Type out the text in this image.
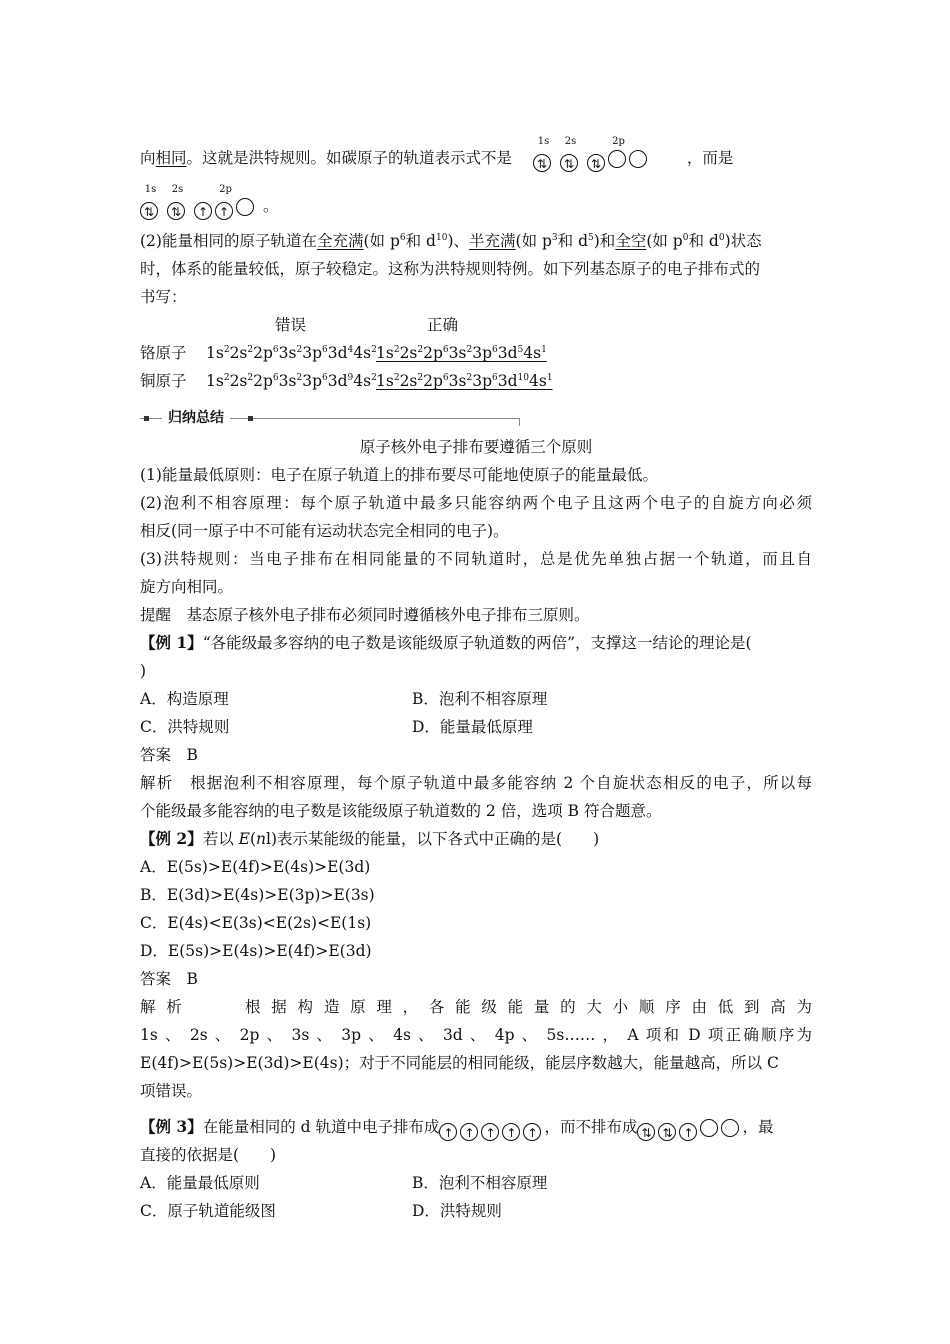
向相同。这就是洪特规则。如碳原子的轨道表示式不是
1s
⇅
2s
⇅
2p
⇅	，而是
1s
⇅
2s
⇅
2p
↑ ↑ 。
(2)能量相同的原子轨道在全充满(如 $p^6$和 $d^{10}$)、半充满(如 $p^3$和 $d^5$)和全空(如 $p^0$和 $d^0$)状态
时，体系的能量较低，原子较稳定。这称为洪特规则特例。如下列基态原子的电子排布式的
书写：
错误	正确
铬原子 $1s^22s^22p^63s^23p^63d^44s^2$ $1s^22s^22p^63s^23p^63d^54s^1$
铜原子 $1s^22s^22p^63s^23p^63d^94s^2$ $1s^22s^22p^63s^23p^63d^{10}4s^1$
归纳总结
原子核外电子排布要遵循三个原则
(1)能量最低原则：电子在原子轨道上的排布要尽可能地使原子的能量最低。
(2)泡利不相容原理：每个原子轨道中最多只能容纳两个电子且这两个电子的自旋方向必须
相反(同一原子中不可能有运动状态完全相同的电子)。
(3)洪特规则：当电子排布在相同能量的不同轨道时，总是优先单独占据一个轨道，而且自
旋方向相同。
提醒　基态原子核外电子排布必须同时遵循核外电子排布三原则。
【例 1】“各能级最多容纳的电子数是该能级原子轨道数的两倍”，支撑这一结论的理论是(
)
A．构造原理	B．泡利不相容原理
C．洪特规则	D．能量最低原理
答案　B
解析　根据泡利不相容原理，每个原子轨道中最多能容纳 2 个自旋状态相反的电子，所以每
个能级最多能容纳的电子数是该能级原子轨道数的 2 倍，选项 B 符合题意。
【例 2】若以 E(nl)表示某能级的能量，以下各式中正确的是(　　)
A．E(5s)>E(4f)>E(4s)>E(3d)
B．E(3d)>E(4s)>E(3p)>E(3s)
C．E(4s)<E(3s)<E(2s)<E(1s)
D．E(5s)>E(4s)>E(4f)>E(3d)
答案　B
解析　　根据构造原理，各能级能量的大小顺序由低到高为
1s 、 2s 、 2p 、 3s 、 3p 、 4s 、 3d 、 4p 、 5s…… ， A 项和 D 项正确顺序为
E(4f)>E(5s)>E(3d)>E(4s)；对于不同能层的相同能级，能层序数越大，能量越高，所以 C
项错误。
【例 3】在能量相同的 d 轨道中电子排布成 ↑ ↑ ↑ ↑ ↑ ，而不排布成 ⇅ ⇅ ↑	，最
直接的依据是(　　)
A．能量最低原则	B．泡利不相容原理
C．原子轨道能级图	D．洪特规则
